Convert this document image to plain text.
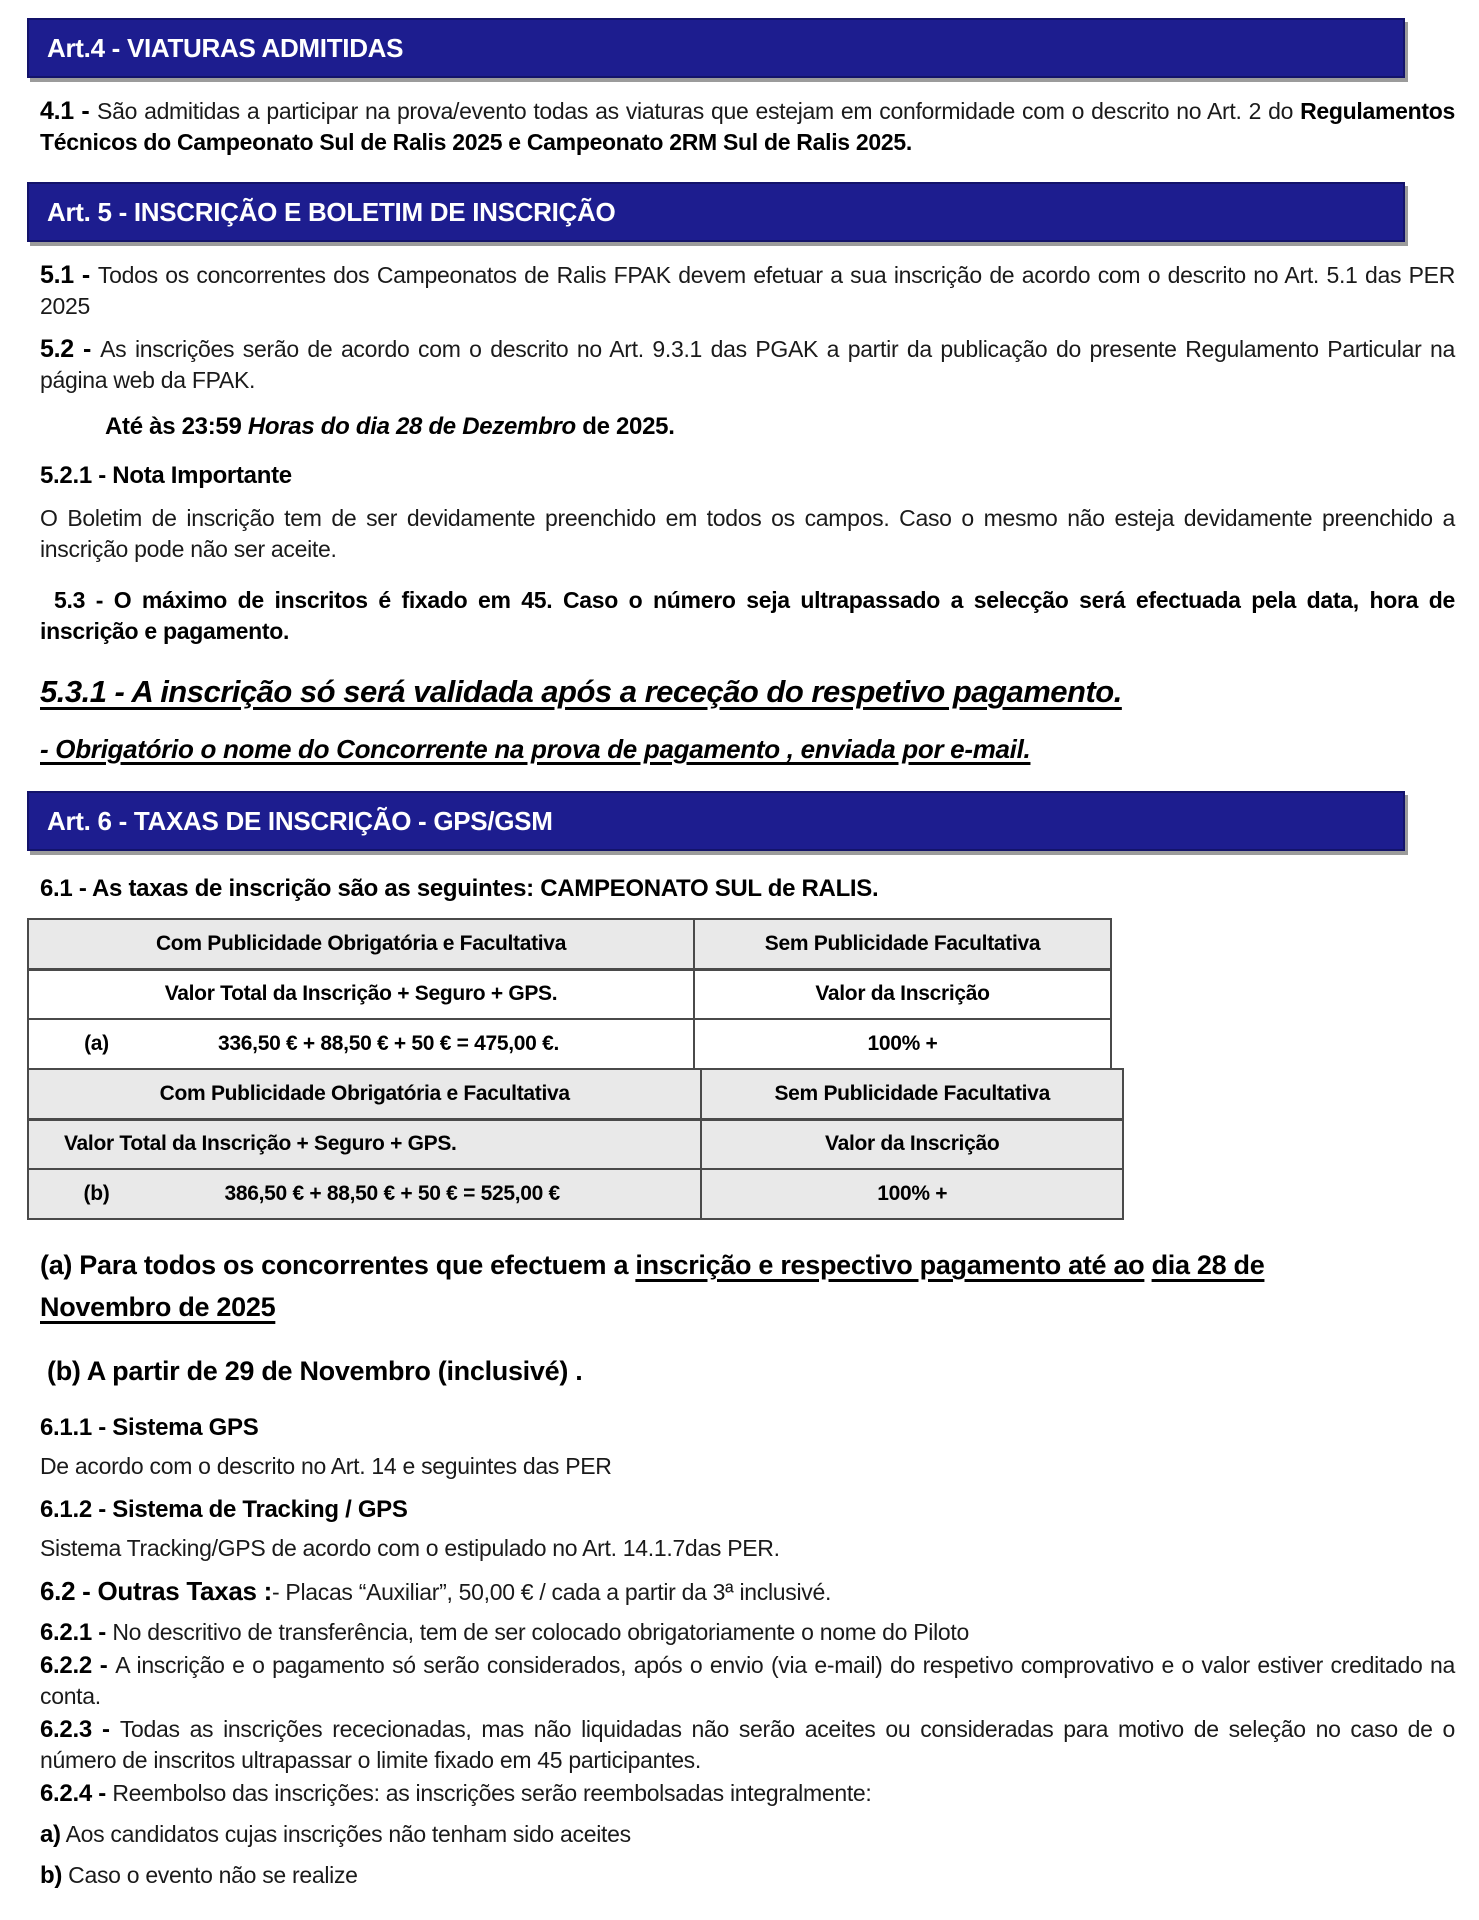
Art.4 - VIATURAS ADMITIDAS

4.1 - São admitidas a participar na prova/evento todas as viaturas que estejam em conformidade com o descrito no Art. 2 do Regulamentos Técnicos do Campeonato Sul de Ralis 2025 e Campeonato 2RM Sul de Ralis 2025.

Art. 5 - INSCRIÇÃO E BOLETIM DE INSCRIÇÃO

5.1 - Todos os concorrentes dos Campeonatos de Ralis FPAK devem efetuar a sua inscrição de acordo com o descrito no Art. 5.1 das PER 2025

5.2 - As inscrições serão de acordo com o descrito no Art. 9.3.1 das PGAK a partir da publicação do presente Regulamento Particular na página web da FPAK.

Até às 23:59 Horas do dia 28 de Dezembro de 2025.

5.2.1 - Nota Importante

O Boletim de inscrição tem de ser devidamente preenchido em todos os campos. Caso o mesmo não esteja devidamente preenchido a inscrição pode não ser aceite.

5.3 - O máximo de inscritos é fixado em 45. Caso o número seja ultrapassado a selecção será efectuada pela data, hora de inscrição e pagamento.

5.3.1 - A inscrição só será validada após a receção do respetivo pagamento.

- Obrigatório o nome do Concorrente na prova de pagamento , enviada por e-mail.

Art. 6 - TAXAS DE INSCRIÇÃO - GPS/GSM

6.1 - As taxas de inscrição são as seguintes: CAMPEONATO SUL de RALIS.

Com Publicidade Obrigatória e Facultativa	Sem Publicidade Facultativa
Valor Total da Inscrição + Seguro + GPS.	Valor da Inscrição

(a) 336,50 € + 88,50 € + 50 € = 475,00 €.	100% +
Com Publicidade Obrigatória e Facultativa	Sem Publicidade Facultativa
Valor Total da Inscrição + Seguro + GPS.	Valor da Inscrição

(b) 386,50 € + 88,50 € + 50 € = 525,00 €	100% +
(a) Para todos os concorrentes que efectuem a inscrição e respectivo pagamento até ao dia 28 de
Novembro de 2025

(b) A partir de 29 de Novembro (inclusivé) .

6.1.1 - Sistema GPS

De acordo com o descrito no Art. 14 e seguintes das PER

6.1.2 - Sistema de Tracking / GPS

Sistema Tracking/GPS de acordo com o estipulado no Art. 14.1.7das PER.

6.2 - Outras Taxas :- Placas “Auxiliar”, 50,00 € / cada a partir da 3ª inclusivé.

6.2.1 - No descritivo de transferência, tem de ser colocado obrigatoriamente o nome do Piloto

6.2.2 - A inscrição e o pagamento só serão considerados, após o envio (via e-mail) do respetivo comprovativo e o valor estiver creditado na conta.

6.2.3 - Todas as inscrições rececionadas, mas não liquidadas não serão aceites ou consideradas para motivo de seleção no caso de o número de inscritos ultrapassar o limite fixado em 45 participantes.

6.2.4 - Reembolso das inscrições: as inscrições serão reembolsadas integralmente:

a) Aos candidatos cujas inscrições não tenham sido aceites

b) Caso o evento não se realize
